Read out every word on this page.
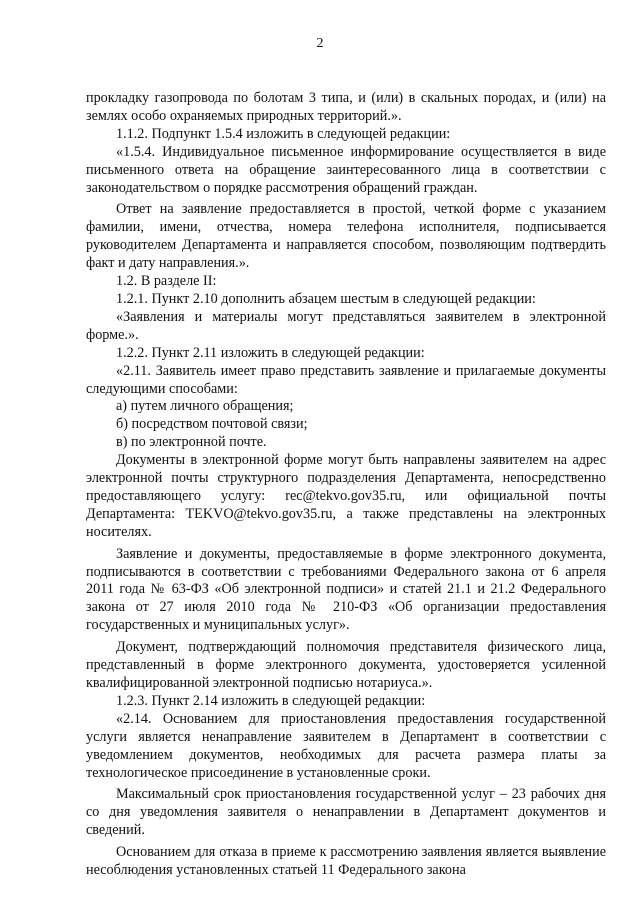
2

прокладку газопровода по болотам 3 типа, и (или) в скальных породах, и (или) на землях особо охраняемых природных территорий.».

1.1.2. Подпункт 1.5.4 изложить в следующей редакции:

«1.5.4. Индивидуальное письменное информирование осуществляется в виде письменного ответа на обращение заинтересованного лица в соответствии с законодательством о порядке рассмотрения обращений граждан.

Ответ на заявление предоставляется в простой, четкой форме с указанием фамилии, имени, отчества, номера телефона исполнителя, подписывается руководителем Департамента и направляется способом, позволяющим подтвердить факт и дату направления.».

1.2. В разделе II:

1.2.1. Пункт 2.10 дополнить абзацем шестым в следующей редакции:

«Заявления и материалы могут представляться заявителем в электронной форме.».

1.2.2. Пункт 2.11 изложить в следующей редакции:

«2.11. Заявитель имеет право представить заявление и прилагаемые документы следующими способами:

а) путем личного обращения;

б) посредством почтовой связи;

в) по электронной почте.

Документы в электронной форме могут быть направлены заявителем на адрес электронной почты структурного подразделения Департамента, непосредственно предоставляющего услугу: rec@tekvo.gov35.ru, или официальной почты Департамента: TEKVO@tekvo.gov35.ru, а также представлены на электронных носителях.

Заявление и документы, предоставляемые в форме электронного документа, подписываются в соответствии с требованиями Федерального закона от 6 апреля 2011 года № 63-ФЗ «Об электронной подписи» и статей 21.1 и 21.2 Федерального закона от 27 июля 2010 года № 210-ФЗ «Об организации предоставления государственных и муниципальных услуг».

Документ, подтверждающий полномочия представителя физического лица, представленный в форме электронного документа, удостоверяется усиленной квалифицированной электронной подписью нотариуса.».

1.2.3. Пункт 2.14 изложить в следующей редакции:

«2.14. Основанием для приостановления предоставления государственной услуги является ненаправление заявителем в Департамент в соответствии с уведомлением документов, необходимых для расчета размера платы за технологическое присоединение в установленные сроки.

Максимальный срок приостановления государственной услуг – 23 рабочих дня со дня уведомления заявителя о ненаправлении в Департамент документов и сведений.

Основанием для отказа в приеме к рассмотрению заявления является выявление несоблюдения установленных статьей 11 Федерального закона
